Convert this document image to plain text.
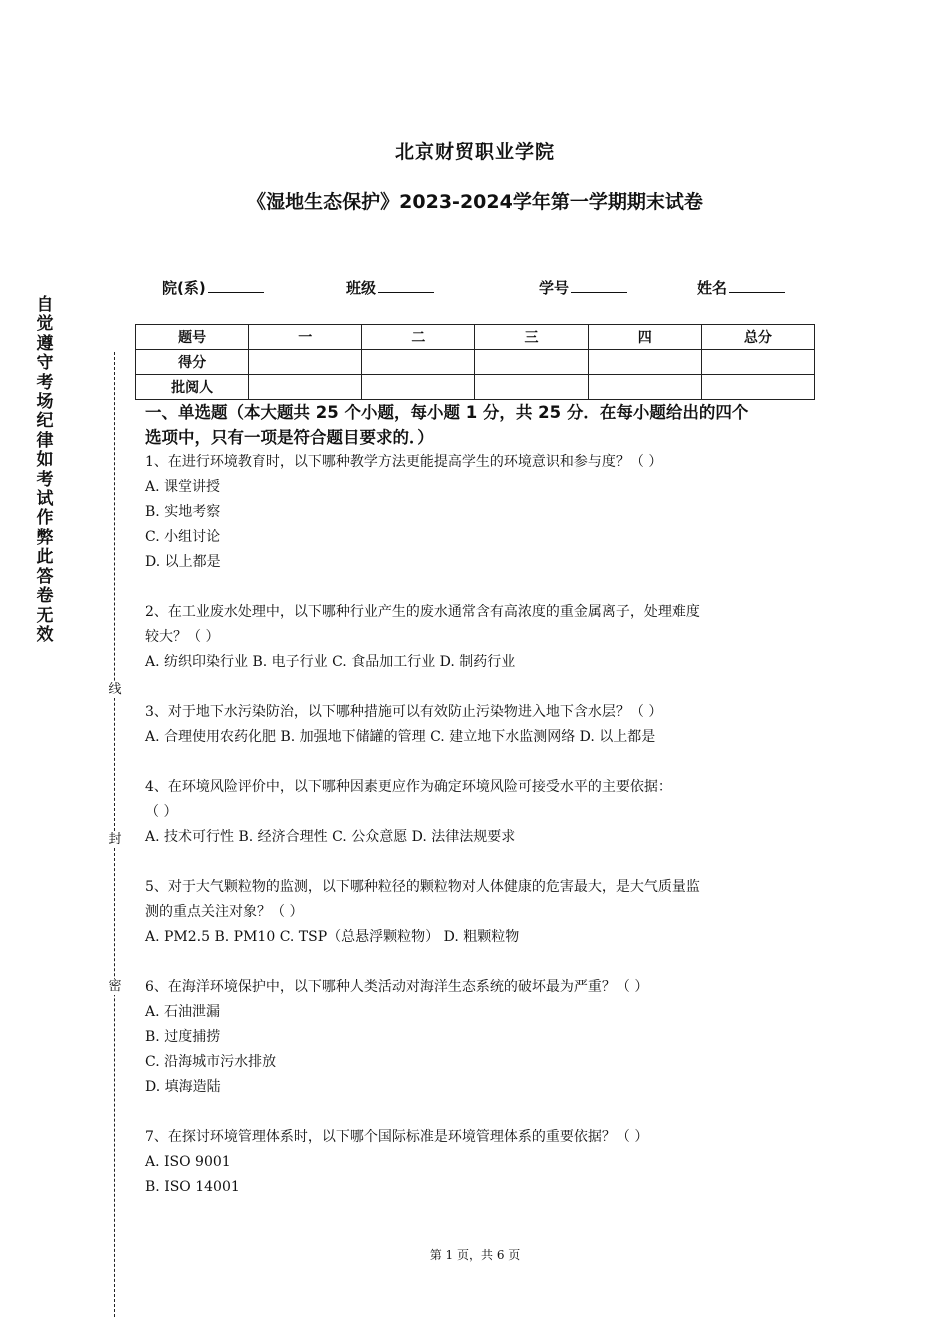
北京财贸职业学院
《湿地生态保护》2023-2024学年第一学期期末试卷
院(系)	班级	学号	姓名
题号	一	二	三	四	总分
得分					
批阅人					
自
觉
遵
守
考
场
纪
律
如
考
试
作
弊
此
答
卷
无
效
线
封
密
一、单选题（本大题共 25 个小题，每小题 1 分，共 25 分．在每小题给出的四个
选项中，只有一项是符合题目要求的．）
1、在进行环境教育时，以下哪种教学方法更能提高学生的环境意识和参与度？（ ）
A. 课堂讲授
B. 实地考察
C. 小组讨论
D. 以上都是
2、在工业废水处理中，以下哪种行业产生的废水通常含有高浓度的重金属离子，处理难度
较大？（ ）
A. 纺织印染行业 B. 电子行业 C. 食品加工行业 D. 制药行业
3、对于地下水污染防治，以下哪种措施可以有效防止污染物进入地下含水层？（ ）
A. 合理使用农药化肥 B. 加强地下储罐的管理 C. 建立地下水监测网络 D. 以上都是
4、在环境风险评价中，以下哪种因素更应作为确定环境风险可接受水平的主要依据：
（ ）
A. 技术可行性 B. 经济合理性 C. 公众意愿 D. 法律法规要求
5、对于大气颗粒物的监测，以下哪种粒径的颗粒物对人体健康的危害最大，是大气质量监
测的重点关注对象？（ ）
A. PM2.5 B. PM10 C. TSP（总悬浮颗粒物） D. 粗颗粒物
6、在海洋环境保护中，以下哪种人类活动对海洋生态系统的破坏最为严重？（ ）
A. 石油泄漏
B. 过度捕捞
C. 沿海城市污水排放
D. 填海造陆
7、在探讨环境管理体系时，以下哪个国际标准是环境管理体系的重要依据？（ ）
A. ISO 9001
B. ISO 14001
第 1 页，共 6 页
